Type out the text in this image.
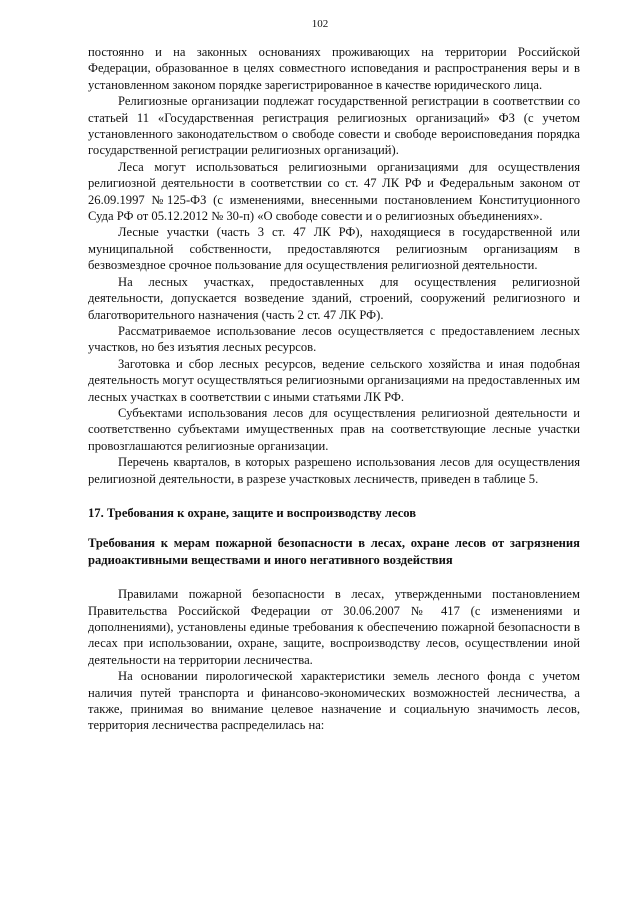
102

постоянно и на законных основаниях проживающих на территории Российской Федерации, образованное в целях совместного исповедания и распространения веры и в установленном законом порядке зарегистрированное в качестве юридического лица.

Религиозные организации подлежат государственной регистрации в соответствии со статьей 11 «Государственная регистрация религиозных организаций» ФЗ (с учетом установленного законодательством о свободе совести и свободе вероисповедания порядка государственной регистрации религиозных организаций).

Леса могут использоваться религиозными организациями для осуществления религиозной деятельности в соответствии со ст. 47 ЛК РФ и Федеральным законом от 26.09.1997 №125-ФЗ (с изменениями, внесенными постановлением Конституционного Суда РФ от 05.12.2012 № 30-п) «О свободе совести и о религиозных объединениях».

Лесные участки (часть 3 ст. 47 ЛК РФ), находящиеся в государственной или муниципальной собственности, предоставляются религиозным организациям в безвозмездное срочное пользование для осуществления религиозной деятельности.

На лесных участках, предоставленных для осуществления религиозной деятельности, допускается возведение зданий, строений, сооружений религиозного и благотворительного назначения (часть 2 ст. 47 ЛК РФ).

Рассматриваемое использование лесов осуществляется с предоставлением лесных участков, но без изъятия лесных ресурсов.

Заготовка и сбор лесных ресурсов, ведение сельского хозяйства и иная подобная деятельность могут осуществляться религиозными организациями на предоставленных им лесных участках в соответствии с иными статьями ЛК РФ.

Субъектами использования лесов для осуществления религиозной деятельности и соответственно субъектами имущественных прав на соответствующие лесные участки провозглашаются религиозные организации.

Перечень кварталов, в которых разрешено использования лесов для осуществления религиозной деятельности, в разрезе участковых лесничеств, приведен в таблице 5.

17. Требования к охране, защите и воспроизводству лесов
Требования к мерам пожарной безопасности в лесах, охране лесов от загрязнения радиоактивными веществами и иного негативного воздействия

Правилами пожарной безопасности в лесах, утвержденными постановлением Правительства Российской Федерации от 30.06.2007 № 417 (с изменениями и дополнениями), установлены единые требования к обеспечению пожарной безопасности в лесах при использовании, охране, защите, воспроизводству лесов, осуществлении иной деятельности на территории лесничества.

На основании пирологической характеристики земель лесного фонда с учетом наличия путей транспорта и финансово-экономических возможностей лесничества, а также, принимая во внимание целевое назначение и социальную значимость лесов, территория лесничества распределилась на:
